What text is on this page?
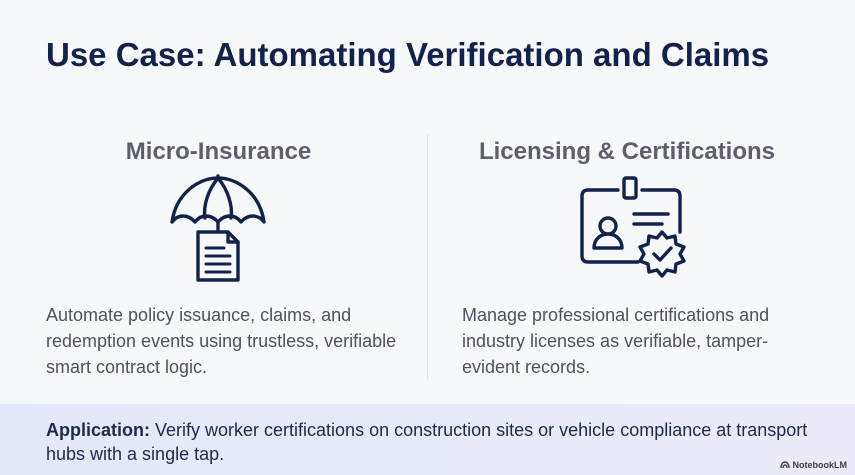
Use Case: Automating Verification and Claims
Micro-Insurance	Licensing & Certifications

Automate policy issuance, claims, and redemption events using trustless, verifiable smart contract logic.

Manage professional certifications and industry licenses as verifiable, tamper-evident records.

Application: Verify worker certifications on construction sites or vehicle compliance at transport hubs with a single tap.

NotebookLM
